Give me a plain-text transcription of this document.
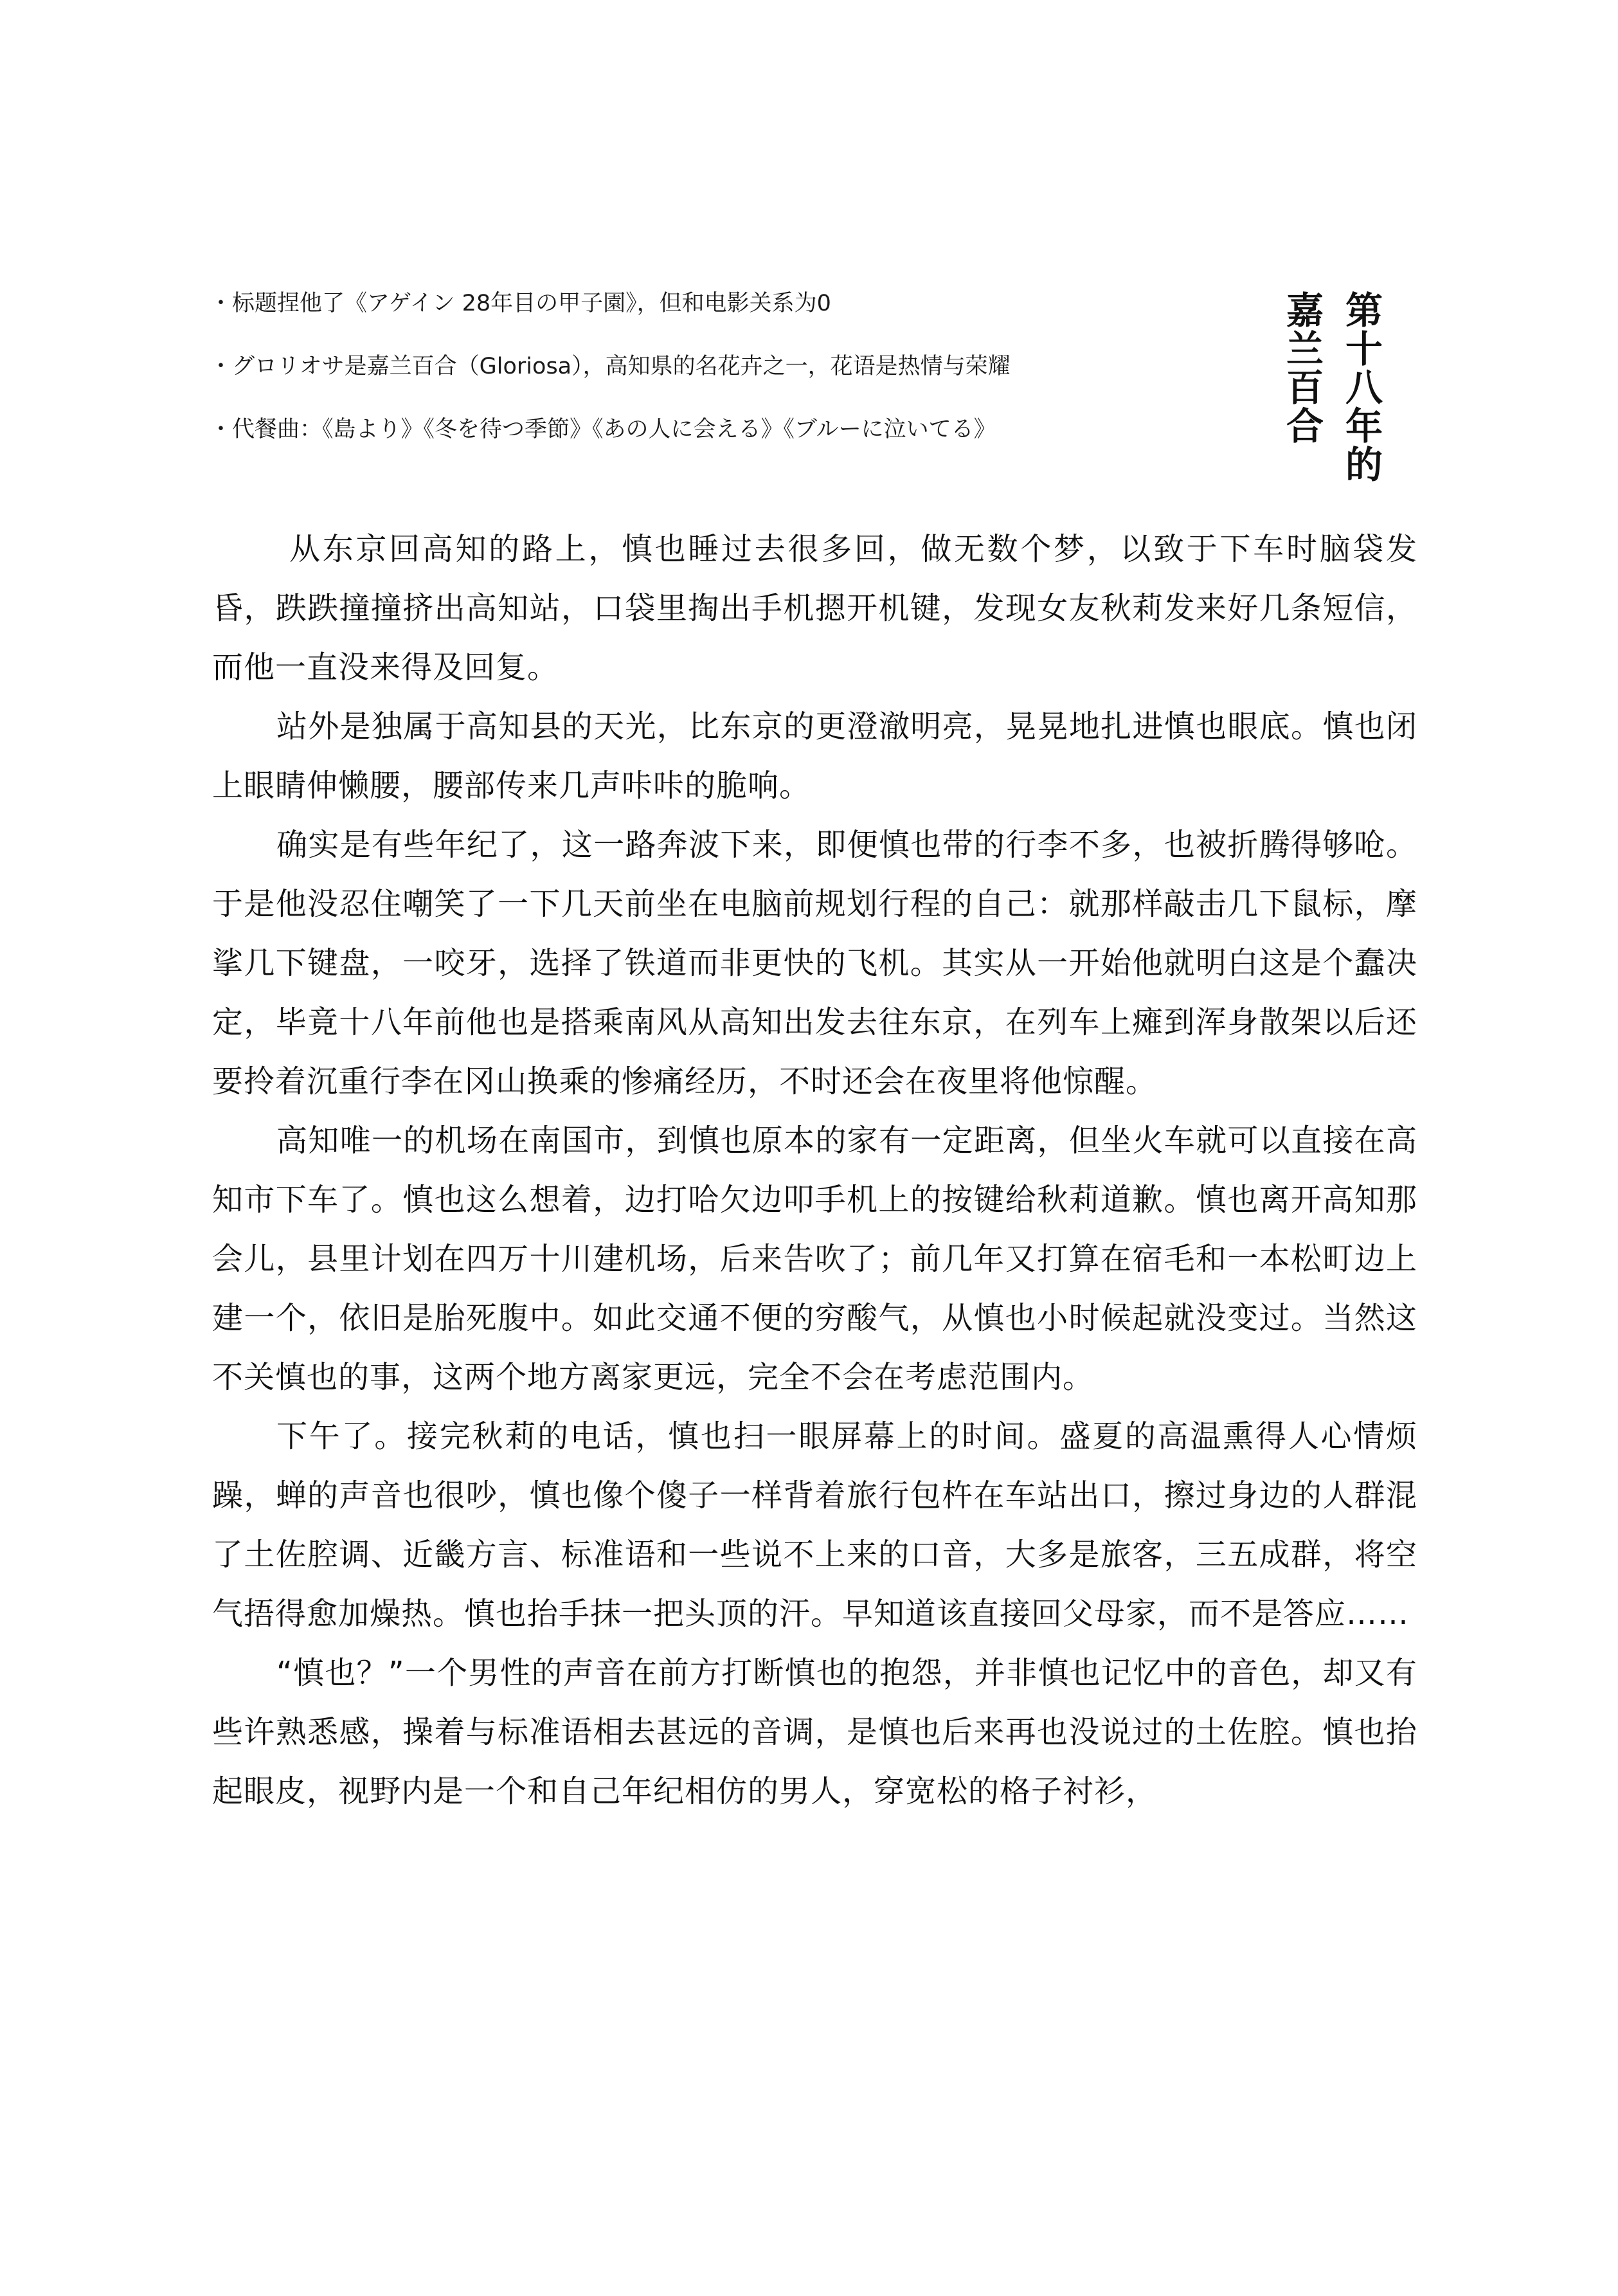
第十八年的
嘉兰百合
・标题捏他了《アゲイン 28年目の甲子園》，但和电影关系为0
・グロリオサ是嘉兰百合（Gloriosa），高知県的名花卉之一，花语是热情与荣耀
・代餐曲：《島より》《冬を待つ季節》《あの人に会える》《ブルーに泣いてる》

从东京回高知的路上，慎也睡过去很多回，做无数个梦，以致于下车时脑袋发昏，跌跌撞撞挤出高知站，口袋里掏出手机摁开机键，发现女友秋莉发来好几条短信，而他一直没来得及回复。

站外是独属于高知县的天光，比东京的更澄澈明亮，晃晃地扎进慎也眼底。慎也闭上眼睛伸懒腰，腰部传来几声咔咔的脆响。

确实是有些年纪了，这一路奔波下来，即便慎也带的行李不多，也被折腾得够呛。于是他没忍住嘲笑了一下几天前坐在电脑前规划行程的自己：就那样敲击几下鼠标，摩挲几下键盘，一咬牙，选择了铁道而非更快的飞机。其实从一开始他就明白这是个蠢决定，毕竟十八年前他也是搭乘南风从高知出发去往东京，在列车上瘫到浑身散架以后还要拎着沉重行李在冈山换乘的惨痛经历，不时还会在夜里将他惊醒。

高知唯一的机场在南国市，到慎也原本的家有一定距离，但坐火车就可以直接在高知市下车了。慎也这么想着，边打哈欠边叩手机上的按键给秋莉道歉。慎也离开高知那会儿，县里计划在四万十川建机场，后来告吹了；前几年又打算在宿毛和一本松町边上建一个，依旧是胎死腹中。如此交通不便的穷酸气，从慎也小时候起就没变过。当然这不关慎也的事，这两个地方离家更远，完全不会在考虑范围内。

下午了。接完秋莉的电话，慎也扫一眼屏幕上的时间。盛夏的高温熏得人心情烦躁，蝉的声音也很吵，慎也像个傻子一样背着旅行包杵在车站出口，擦过身边的人群混了土佐腔调、近畿方言、标准语和一些说不上来的口音，大多是旅客，三五成群，将空气捂得愈加燥热。慎也抬手抹一把头顶的汗。早知道该直接回父母家，而不是答应……

“慎也？”一个男性的声音在前方打断慎也的抱怨，并非慎也记忆中的音色，却又有些许熟悉感，操着与标准语相去甚远的音调，是慎也后来再也没说过的土佐腔。慎也抬起眼皮，视野内是一个和自己年纪相仿的男人，穿宽松的格子衬衫，
